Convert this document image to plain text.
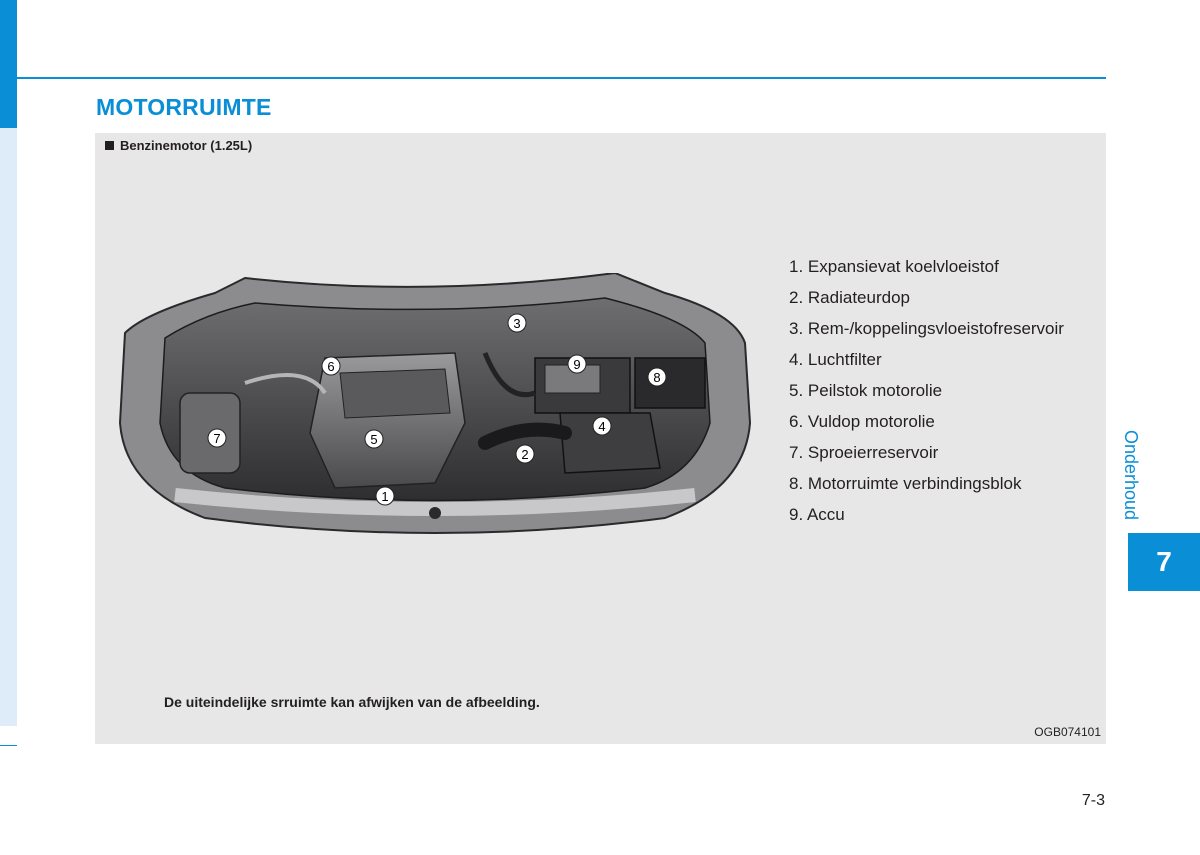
MOTORRUIMTE
Benzinemotor (1.25L)
1
2
3
4
5
6
7
8
9
1. Expansievat koelvloeistof
2. Radiateurdop
3. Rem-/koppelingsvloeistofreservoir
4. Luchtfilter
5. Peilstok motorolie
6. Vuldop motorolie
7. Sproeierreservoir
8. Motorruimte verbindingsblok
9. Accu
De uiteindelijke srruimte kan afwijken van de afbeelding.
OGB074101
Onderhoud
7
7-3
